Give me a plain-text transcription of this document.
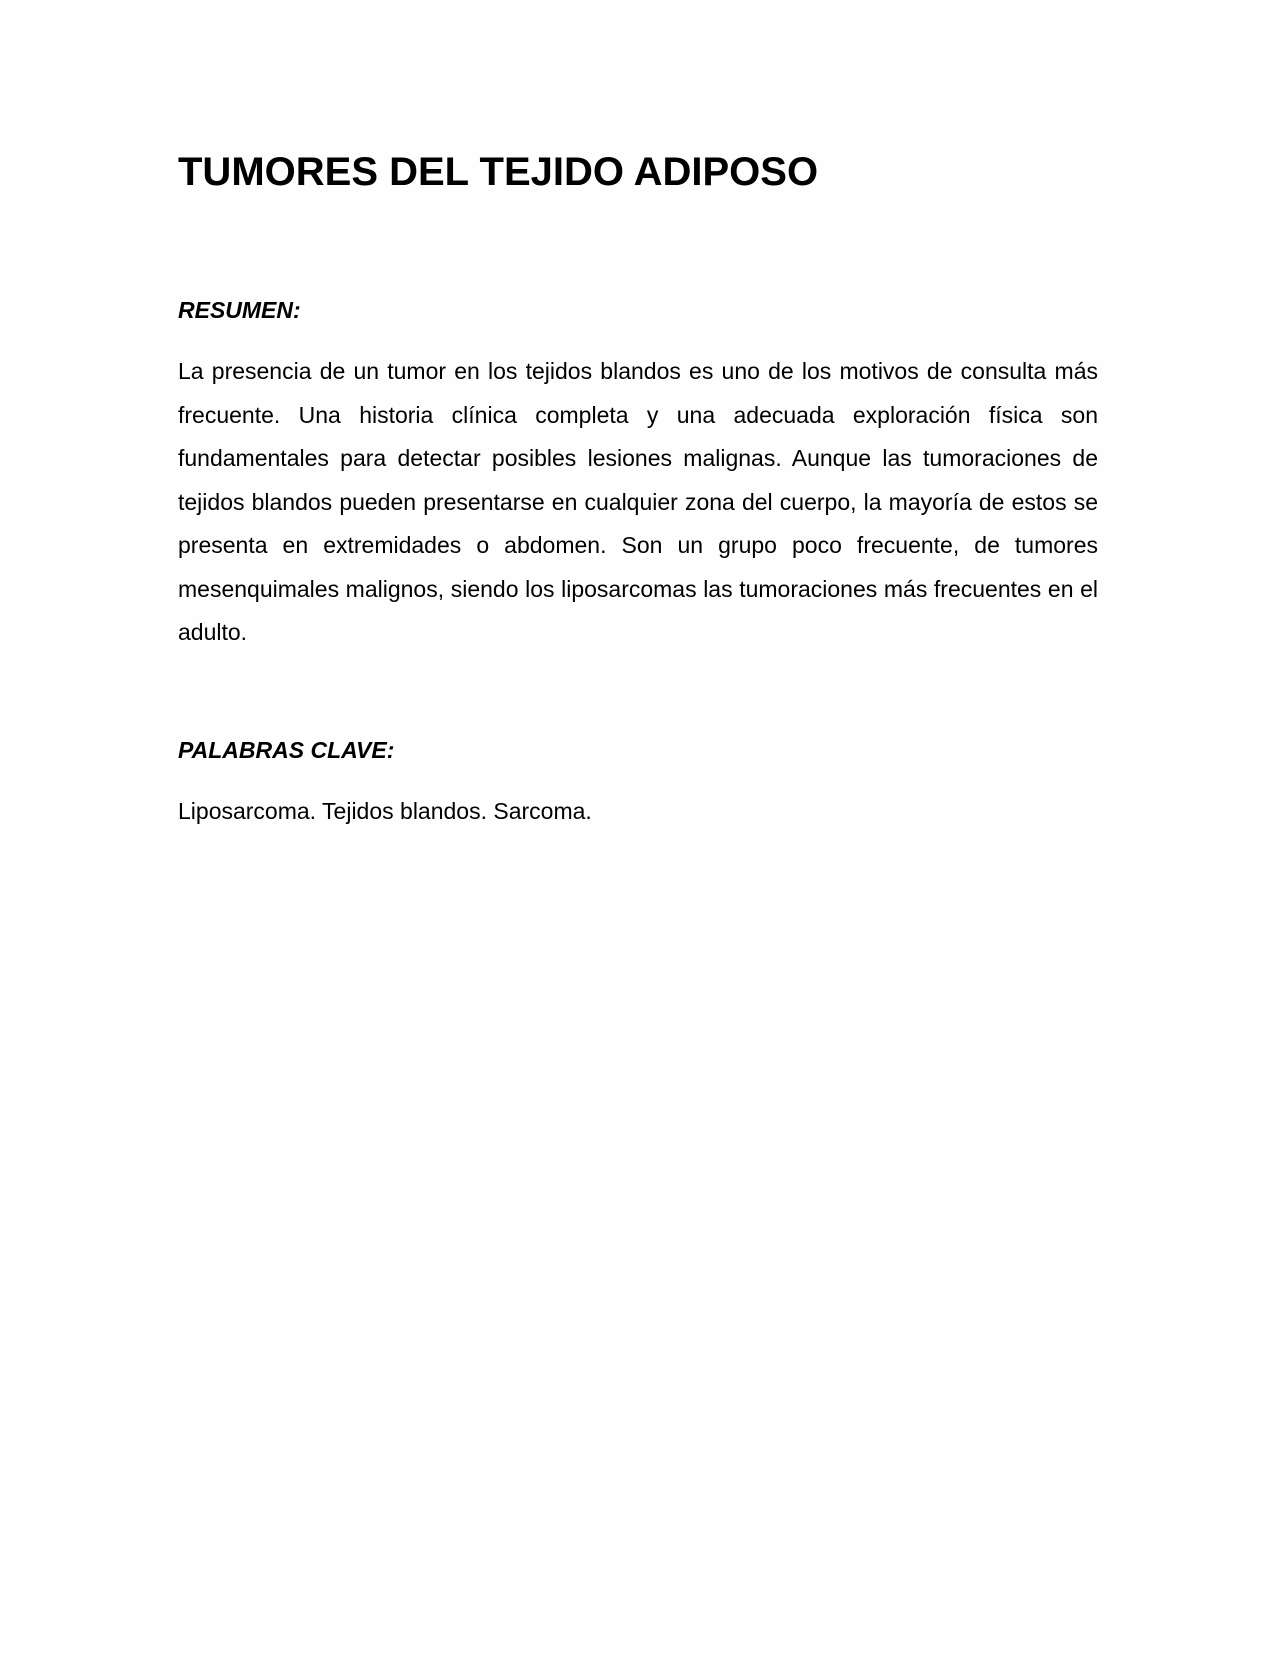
TUMORES DEL TEJIDO ADIPOSO
RESUMEN:

La presencia de un tumor en los tejidos blandos es uno de los motivos de consulta más frecuente. Una historia clínica completa y una adecuada exploración física son fundamentales para detectar posibles lesiones malignas. Aunque las tumoraciones de tejidos blandos pueden presentarse en cualquier zona del cuerpo, la mayoría de estos se presenta en extremidades o abdomen. Son un grupo poco frecuente, de tumores mesenquimales malignos, siendo los liposarcomas las tumoraciones más frecuentes en el adulto.

PALABRAS CLAVE:

Liposarcoma. Tejidos blandos. Sarcoma.
